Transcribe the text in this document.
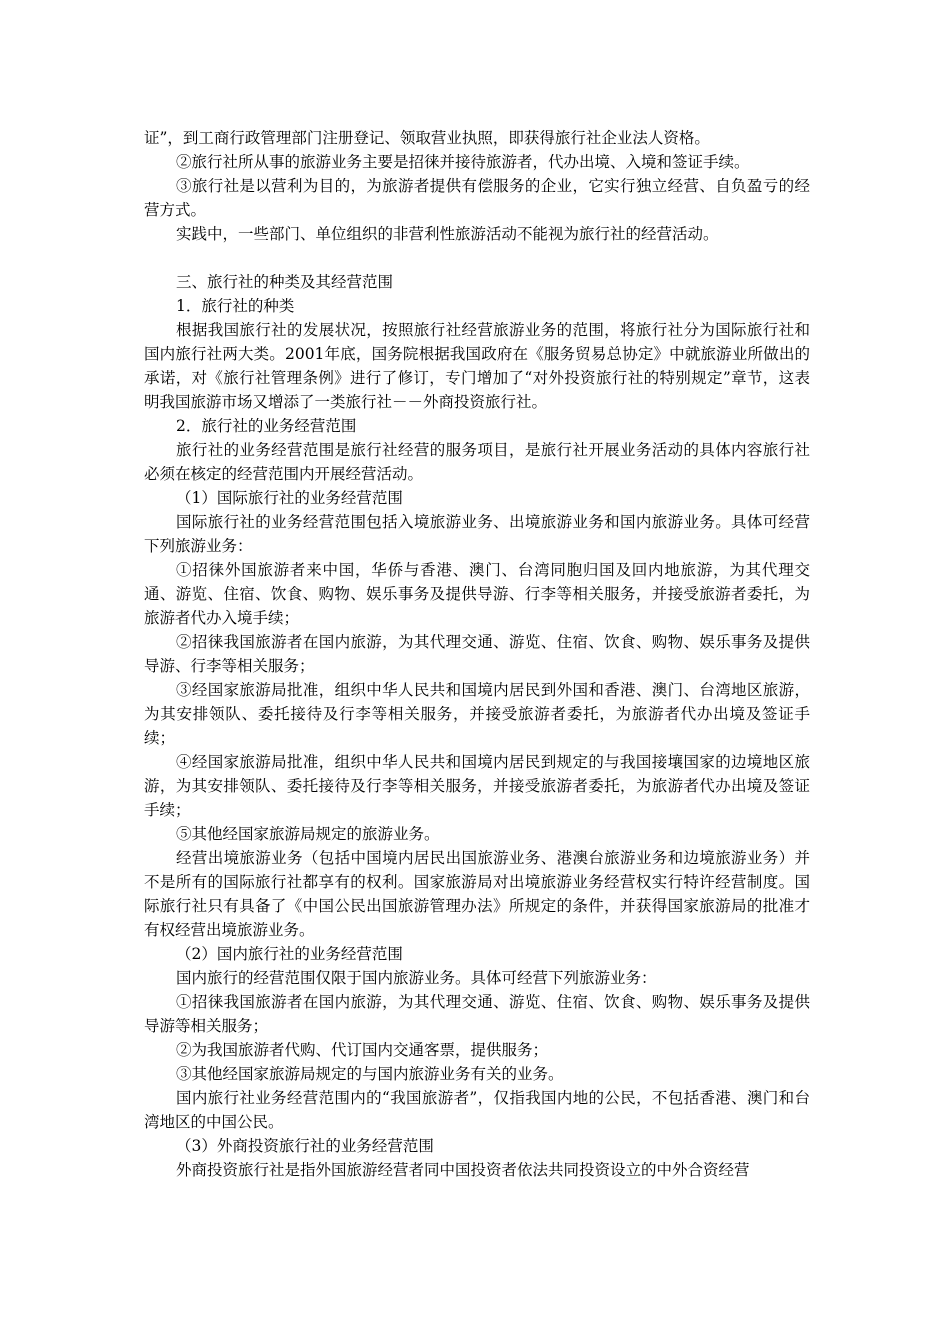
证”，到工商行政管理部门注册登记、领取营业执照，即获得旅行社企业法人资格。

②旅行社所从事的旅游业务主要是招徕并接待旅游者，代办出境、入境和签证手续。

③旅行社是以营利为目的，为旅游者提供有偿服务的企业，它实行独立经营、自负盈亏的经营方式。

实践中，一些部门、单位组织的非营利性旅游活动不能视为旅行社的经营活动。

三、旅行社的种类及其经营范围

1．旅行社的种类

根据我国旅行社的发展状况，按照旅行社经营旅游业务的范围，将旅行社分为国际旅行社和国内旅行社两大类。2001年底，国务院根据我国政府在《服务贸易总协定》中就旅游业所做出的承诺，对《旅行社管理条例》进行了修订，专门增加了“对外投资旅行社的特别规定”章节，这表明我国旅游市场又增添了一类旅行社－－外商投资旅行社。

2．旅行社的业务经营范围

旅行社的业务经营范围是旅行社经营的服务项目，是旅行社开展业务活动的具体内容旅行社必须在核定的经营范围内开展经营活动。

（1）国际旅行社的业务经营范围

国际旅行社的业务经营范围包括入境旅游业务、出境旅游业务和国内旅游业务。具体可经营下列旅游业务：

①招徕外国旅游者来中国，华侨与香港、澳门、台湾同胞归国及回内地旅游，为其代理交通、游览、住宿、饮食、购物、娱乐事务及提供导游、行李等相关服务，并接受旅游者委托，为旅游者代办入境手续；

②招徕我国旅游者在国内旅游，为其代理交通、游览、住宿、饮食、购物、娱乐事务及提供导游、行李等相关服务；

③经国家旅游局批准，组织中华人民共和国境内居民到外国和香港、澳门、台湾地区旅游，为其安排领队、委托接待及行李等相关服务，并接受旅游者委托，为旅游者代办出境及签证手续；

④经国家旅游局批准，组织中华人民共和国境内居民到规定的与我国接壤国家的边境地区旅游，为其安排领队、委托接待及行李等相关服务，并接受旅游者委托，为旅游者代办出境及签证手续；

⑤其他经国家旅游局规定的旅游业务。

经营出境旅游业务（包括中国境内居民出国旅游业务、港澳台旅游业务和边境旅游业务）并不是所有的国际旅行社都享有的权利。国家旅游局对出境旅游业务经营权实行特许经营制度。国际旅行社只有具备了《中国公民出国旅游管理办法》所规定的条件，并获得国家旅游局的批准才有权经营出境旅游业务。

（2）国内旅行社的业务经营范围

国内旅行的经营范围仅限于国内旅游业务。具体可经营下列旅游业务：

①招徕我国旅游者在国内旅游，为其代理交通、游览、住宿、饮食、购物、娱乐事务及提供导游等相关服务；

②为我国旅游者代购、代订国内交通客票，提供服务；

③其他经国家旅游局规定的与国内旅游业务有关的业务。

国内旅行社业务经营范围内的“我国旅游者”，仅指我国内地的公民，不包括香港、澳门和台湾地区的中国公民。

（3）外商投资旅行社的业务经营范围

外商投资旅行社是指外国旅游经营者同中国投资者依法共同投资设立的中外合资经营
